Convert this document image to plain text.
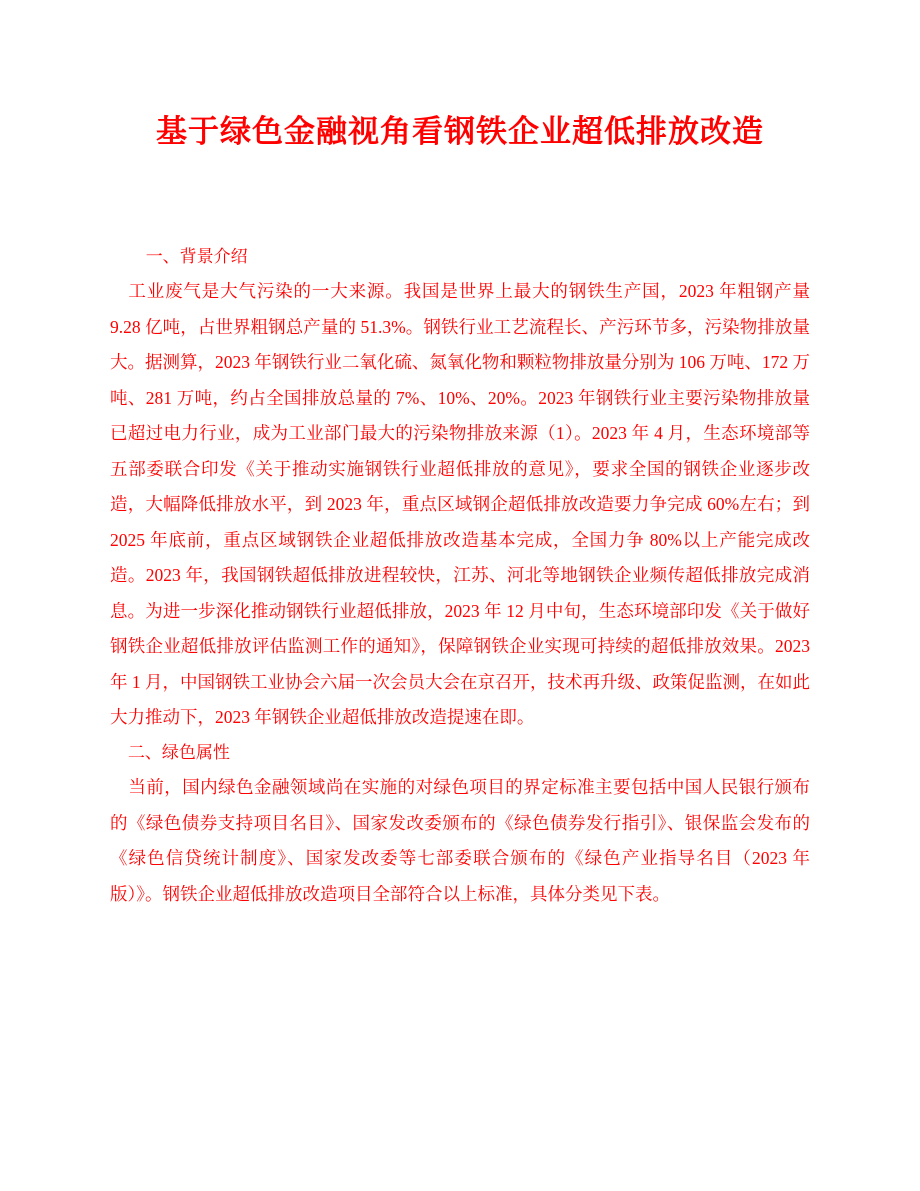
基于绿色金融视角看钢铁企业超低排放改造

一、背景介绍

工业废气是大气污染的一大来源。我国是世界上最大的钢铁生产国，2023 年粗钢产量 9.28 亿吨，占世界粗钢总产量的 51.3%。钢铁行业工艺流程长、产污环节多，污染物排放量大。据测算，2023 年钢铁行业二氧化硫、氮氧化物和颗粒物排放量分别为 106 万吨、172 万吨、281 万吨，约占全国排放总量的 7%、10%、20%。2023 年钢铁行业主要污染物排放量已超过电力行业，成为工业部门最大的污染物排放来源（1）。2023 年 4 月，生态环境部等五部委联合印发《关于推动实施钢铁行业超低排放的意见》，要求全国的钢铁企业逐步改造，大幅降低排放水平，到 2023 年，重点区域钢企超低排放改造要力争完成 60%左右；到 2025 年底前，重点区域钢铁企业超低排放改造基本完成，全国力争 80%以上产能完成改造。2023 年，我国钢铁超低排放进程较快，江苏、河北等地钢铁企业频传超低排放完成消息。为进一步深化推动钢铁行业超低排放，2023 年 12 月中旬，生态环境部印发《关于做好钢铁企业超低排放评估监测工作的通知》，保障钢铁企业实现可持续的超低排放效果。2023 年 1 月，中国钢铁工业协会六届一次会员大会在京召开，技术再升级、政策促监测，在如此大力推动下，2023 年钢铁企业超低排放改造提速在即。

二、绿色属性

当前，国内绿色金融领域尚在实施的对绿色项目的界定标准主要包括中国人民银行颁布的《绿色债券支持项目名目》、国家发改委颁布的《绿色债券发行指引》、银保监会发布的《绿色信贷统计制度》、国家发改委等七部委联合颁布的《绿色产业指导名目（2023 年版）》。钢铁企业超低排放改造项目全部符合以上标准，具体分类见下表。
